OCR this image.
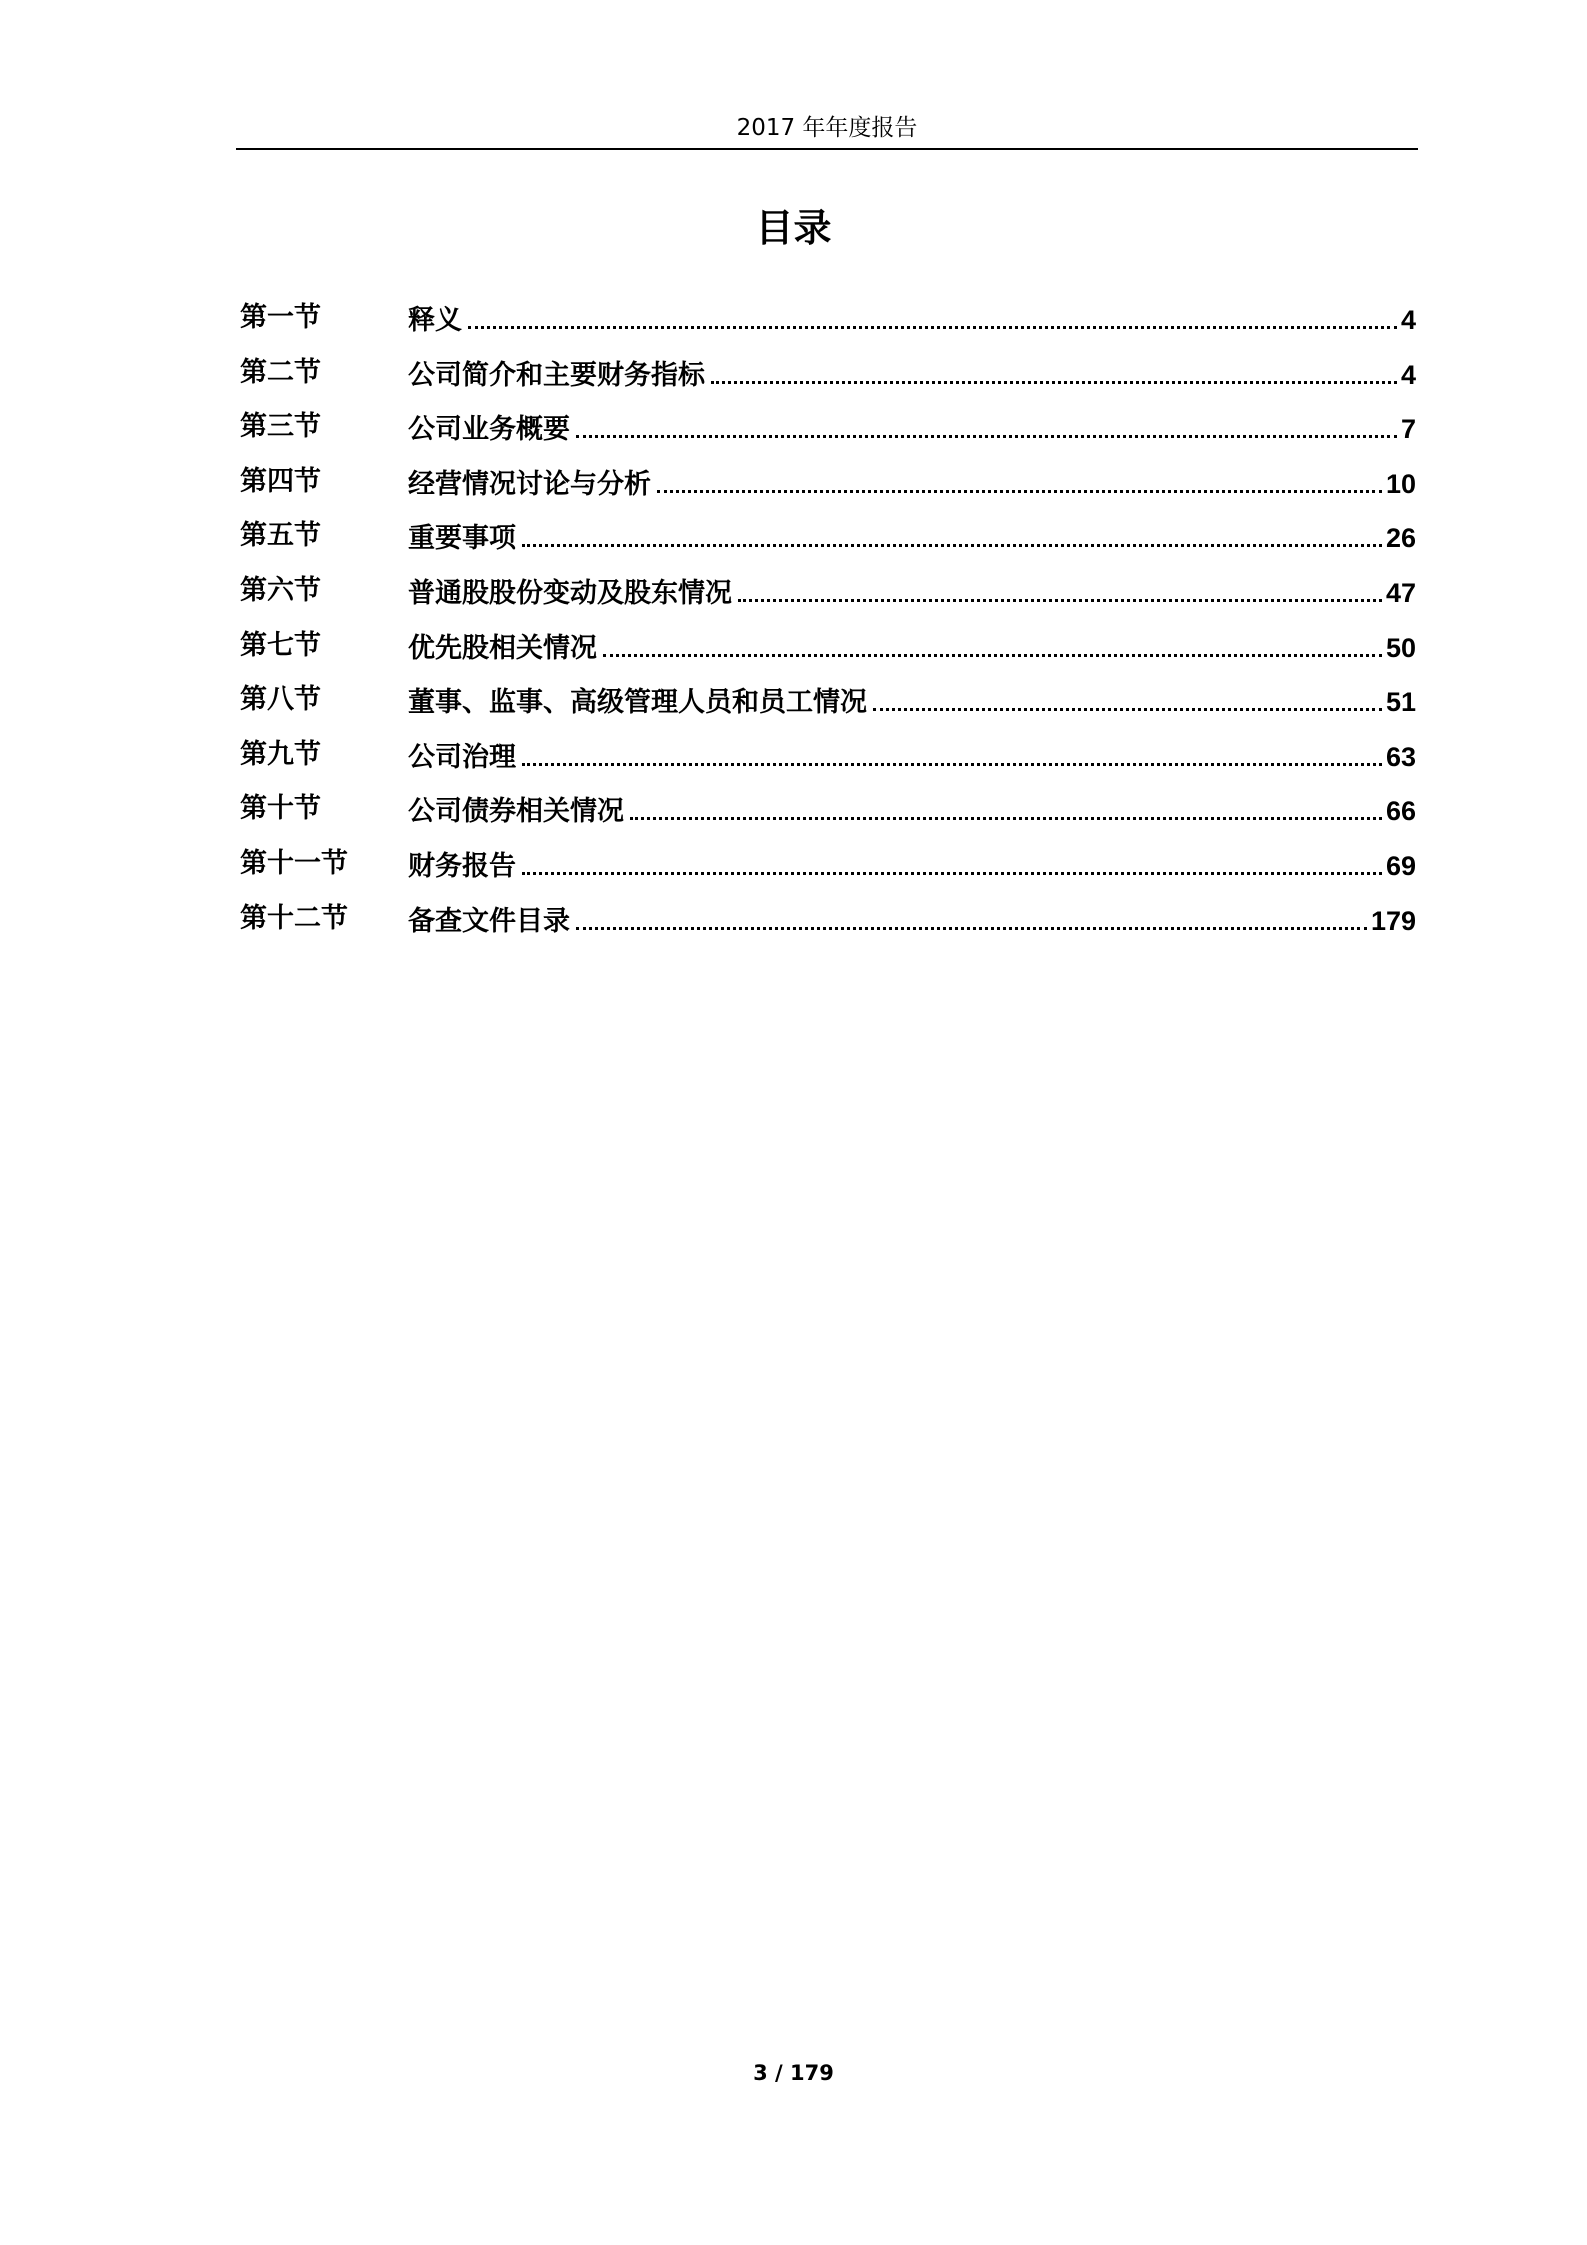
2017 年年度报告
目录
第一节	释义	4
第二节	公司简介和主要财务指标	4
第三节	公司业务概要	7
第四节	经营情况讨论与分析	10
第五节	重要事项	26
第六节	普通股股份变动及股东情况	47
第七节	优先股相关情况	50
第八节	董事、监事、高级管理人员和员工情况	51
第九节	公司治理	63
第十节	公司债券相关情况	66
第十一节	财务报告	69
第十二节	备查文件目录	179
3 / 179
